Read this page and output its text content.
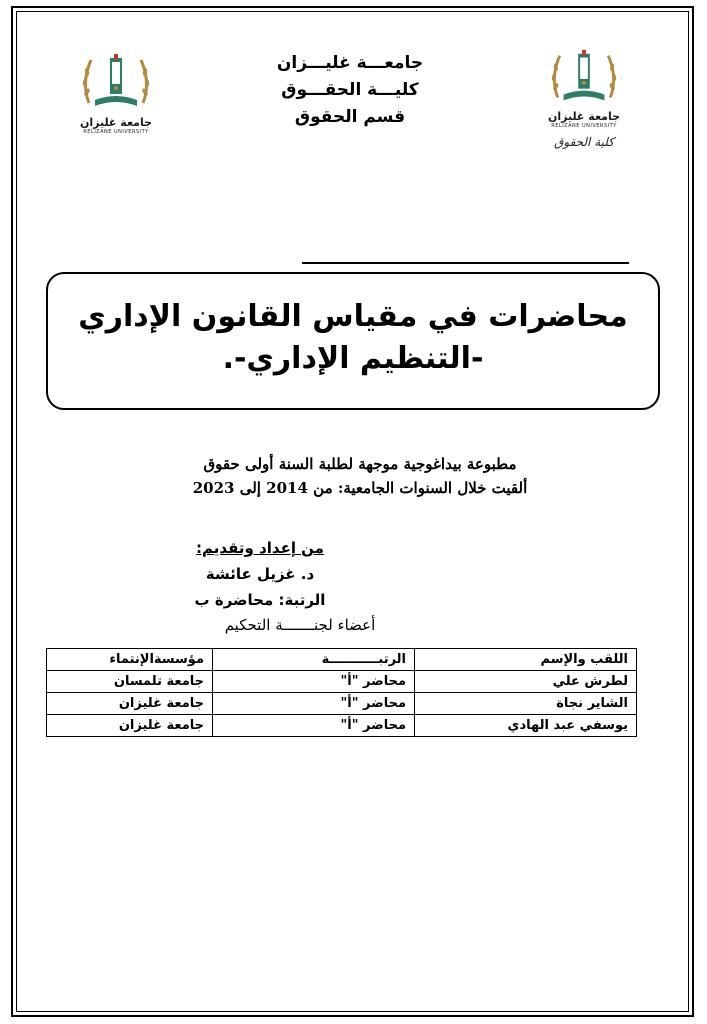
جامعة غليزان
RELIZANE UNIVERSITY
جامعة غليزان
RELIZANE UNIVERSITY
كلية الحقوق
جامعـــة غليـــزان
كليـــة الحقـــوق
قسم الحقوق
محاضرات في مقياس القانون الإداري
-التنظيم الإداري-.
مطبوعة بيداغوجية موجهة لطلبة السنة أولى حقوق
ألقيت خلال السنوات الجامعية: من 2014 إلى 2023
من إعداد وتقديم:
د. غزيل عائشة
الرتبة: محاضرة ب
أعضاء لجنـــــــة التحكيم
اللقب والإسم	الرتبـــــــــــة	مؤسسةالإنتماء
لطرش علي	محاضر "أ"	جامعة تلمسان
الشاير نجاة	محاضر "أ"	جامعة غليزان
يوسفي عبد الهادي	محاضر "أ"	جامعة غليزان
